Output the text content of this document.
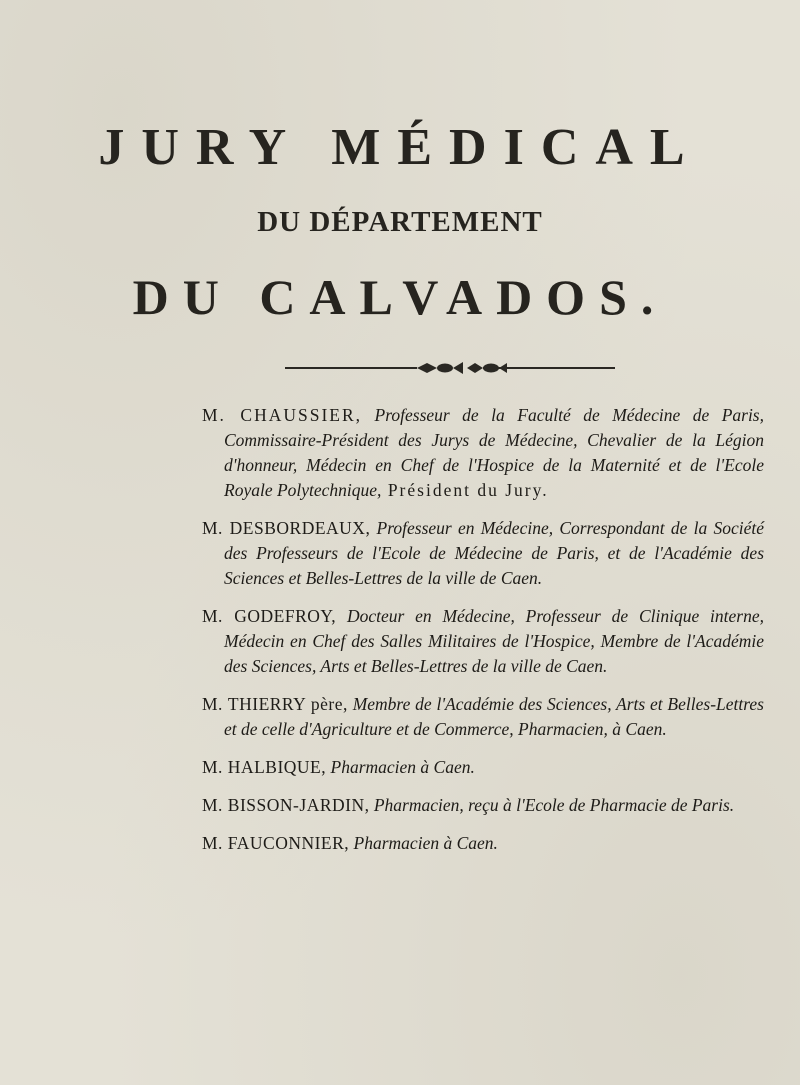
JURY MÉDICAL
DU DÉPARTEMENT
DU CALVADOS.

M. CHAUSSIER, Professeur de la Faculté de Médecine de Paris, Commissaire-Président des Jurys de Médecine, Chevalier de la Légion d'honneur, Médecin en Chef de l'Hospice de la Maternité et de l'Ecole Royale Polytechnique, Président du Jury.

M. DESBORDEAUX, Professeur en Médecine, Correspondant de la Société des Professeurs de l'Ecole de Médecine de Paris, et de l'Académie des Sciences et Belles-Lettres de la ville de Caen.

M. GODEFROY, Docteur en Médecine, Professeur de Clinique interne, Médecin en Chef des Salles Militaires de l'Hospice, Membre de l'Académie des Sciences, Arts et Belles-Lettres de la ville de Caen.

M. THIERRY père, Membre de l'Académie des Sciences, Arts et Belles-Lettres et de celle d'Agriculture et de Commerce, Pharmacien, à Caen.

M. HALBIQUE, Pharmacien à Caen.

M. BISSON-JARDIN, Pharmacien, reçu à l'Ecole de Pharmacie de Paris.

M. FAUCONNIER, Pharmacien à Caen.
